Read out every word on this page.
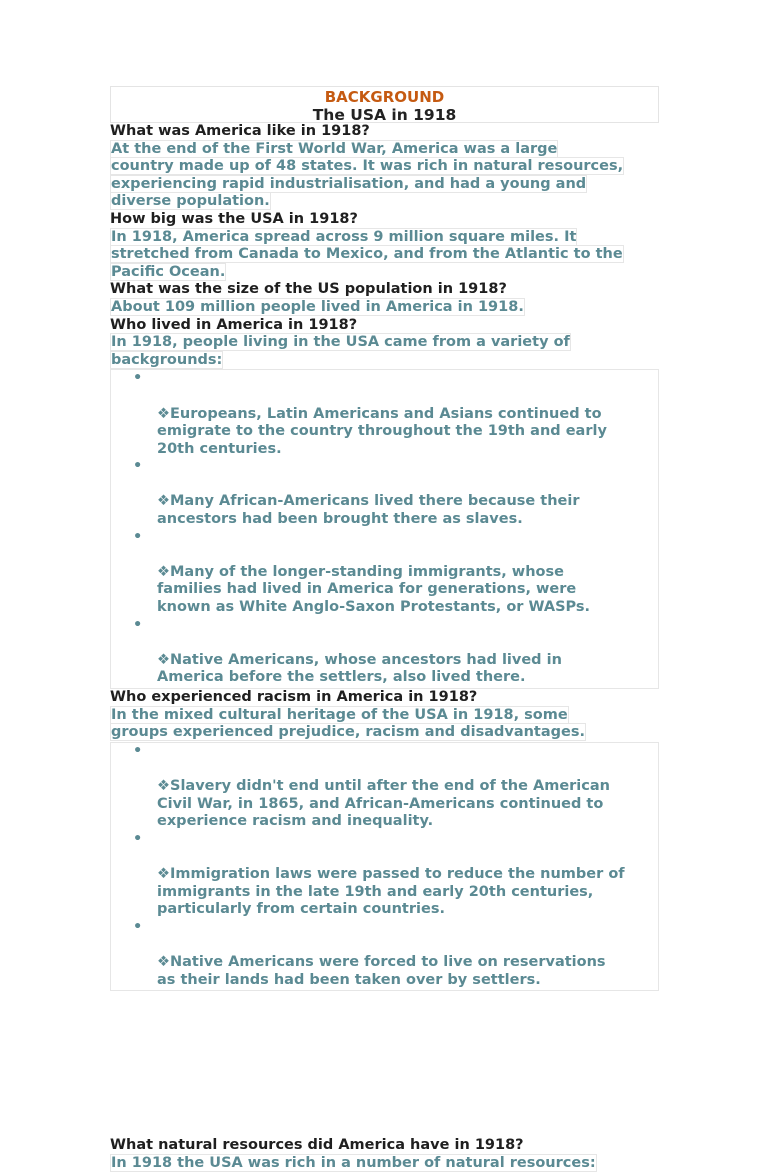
BACKGROUND
The USA in 1918

What was America like in 1918?

At the end of the First World War, America was a large
country made up of 48 states. It was rich in natural resources,
experiencing rapid industrialisation, and had a young and
diverse population.

How big was the USA in 1918?

In 1918, America spread across 9 million square miles. It
stretched from Canada to Mexico, and from the Atlantic to the
Pacific Ocean.

What was the size of the US population in 1918?

About 109 million people lived in America in 1918.

Who lived in America in 1918?

In 1918, people living in the USA came from a variety of
backgrounds:

•

❖Europeans, Latin Americans and Asians continued to
emigrate to the country throughout the 19th and early
20th centuries.

•

❖Many African-Americans lived there because their
ancestors had been brought there as slaves.

•

❖Many of the longer-standing immigrants, whose
families had lived in America for generations, were
known as White Anglo-Saxon Protestants, or WASPs.

•

❖Native Americans, whose ancestors had lived in
America before the settlers, also lived there.

Who experienced racism in America in 1918?

In the mixed cultural heritage of the USA in 1918, some
groups experienced prejudice, racism and disadvantages.

•

❖Slavery didn't end until after the end of the American
Civil War, in 1865, and African-Americans continued to
experience racism and inequality.

•

❖Immigration laws were passed to reduce the number of
immigrants in the late 19th and early 20th centuries,
particularly from certain countries.

•

❖Native Americans were forced to live on reservations
as their lands had been taken over by settlers.

What natural resources did America have in 1918?

In 1918 the USA was rich in a number of natural resources:
